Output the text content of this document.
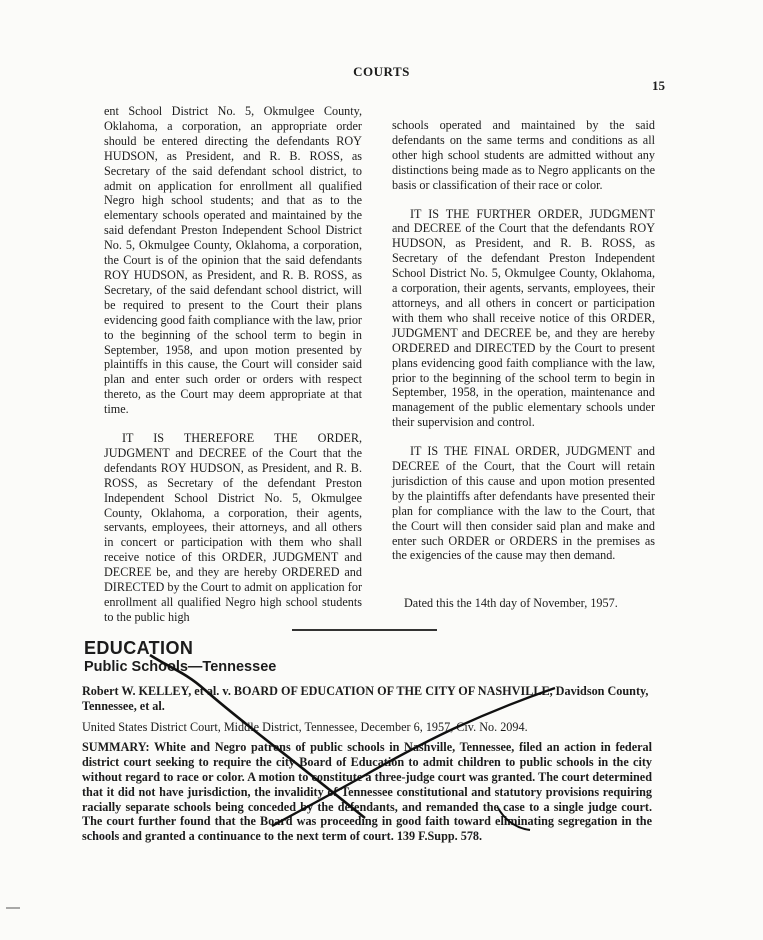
COURTS
15

ent School District No. 5, Okmulgee County, Oklahoma, a corporation, an appropriate order should be entered directing the defendants ROY HUDSON, as President, and R. B. ROSS, as Secretary of the said defendant school district, to admit on application for enrollment all qualified Negro high school students; and that as to the elementary schools operated and maintained by the said defendant Preston Independent School District No. 5, Okmulgee County, Oklahoma, a corporation, the Court is of the opinion that the said defendants ROY HUDSON, as President, and R. B. ROSS, as Secretary, of the said defendant school district, will be required to present to the Court their plans evidencing good faith compliance with the law, prior to the beginning of the school term to begin in September, 1958, and upon motion presented by plaintiffs in this cause, the Court will consider said plan and enter such order or orders with respect thereto, as the Court may deem appropriate at that time.

IT IS THEREFORE THE ORDER, JUDGMENT and DECREE of the Court that the defendants ROY HUDSON, as President, and R. B. ROSS, as Secretary of the defendant Preston Independent School District No. 5, Okmulgee County, Oklahoma, a corporation, their agents, servants, employees, their attorneys, and all others in concert or participation with them who shall receive notice of this ORDER, JUDGMENT and DECREE be, and they are hereby ORDERED and DIRECTED by the Court to admit on application for enrollment all qualified Negro high school students to the public high

schools operated and maintained by the said defendants on the same terms and conditions as all other high school students are admitted without any distinctions being made as to Negro applicants on the basis or classification of their race or color.

IT IS THE FURTHER ORDER, JUDGMENT and DECREE of the Court that the defendants ROY HUDSON, as President, and R. B. ROSS, as Secretary of the defendant Preston Independent School District No. 5, Okmulgee County, Oklahoma, a corporation, their agents, servants, employees, their attorneys, and all others in concert or participation with them who shall receive notice of this ORDER, JUDGMENT and DECREE be, and they are hereby ORDERED and DIRECTED by the Court to present plans evidencing good faith compliance with the law, prior to the beginning of the school term to begin in September, 1958, in the operation, maintenance and management of the public elementary schools under their supervision and control.

IT IS THE FINAL ORDER, JUDGMENT and DECREE of the Court, that the Court will retain jurisdiction of this cause and upon motion presented by the plaintiffs after defendants have presented their plan for compliance with the law to the Court, that the Court will then consider said plan and make and enter such ORDER or ORDERS in the premises as the exigencies of the cause may then demand.

Dated this the 14th day of November, 1957.
EDUCATION
Public Schools—Tennessee

Robert W. KELLEY, et al. v. BOARD OF EDUCATION OF THE CITY OF NASHVILLE, Davidson County, Tennessee, et al.

United States District Court, Middle District, Tennessee, December 6, 1957, Civ. No. 2094.

SUMMARY: White and Negro patrons of public schools in Nashville, Tennessee, filed an action in federal district court seeking to require the city Board of Education to admit children to public schools in the city without regard to race or color. A motion to constitute a three-judge court was granted. The court determined that it did not have jurisdiction, the invalidity of Tennessee constitutional and statutory provisions requiring racially separate schools being conceded by the defendants, and remanded the case to a single judge court. The court further found that the Board was proceeding in good faith toward eliminating segregation in the schools and granted a continuance to the next term of court. 139 F.Supp. 578.
